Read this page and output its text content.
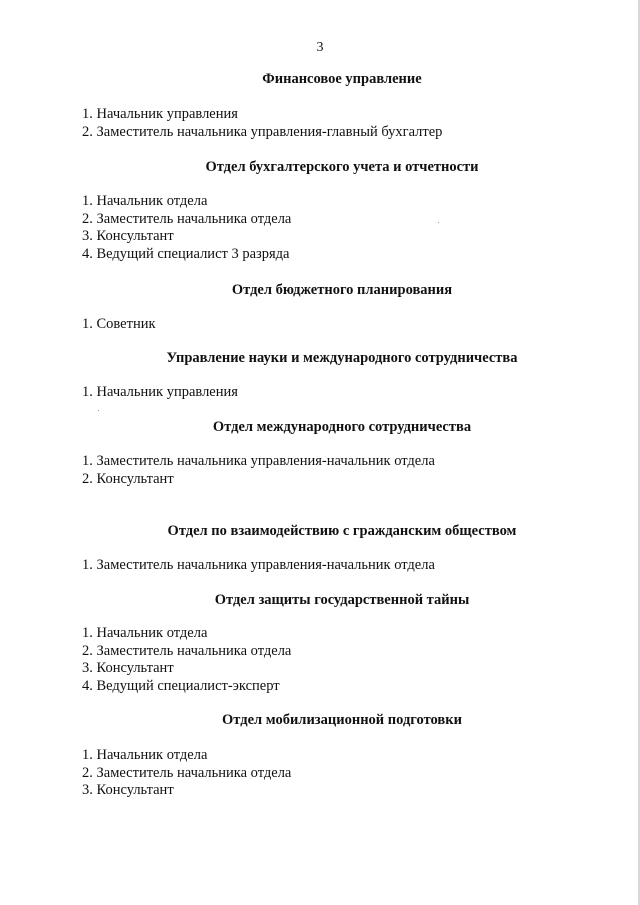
3
Финансовое управление
1. Начальник управления
2. Заместитель начальника управления-главный бухгалтер
Отдел бухгалтерского учета и отчетности
1. Начальник отдела
2. Заместитель начальника отдела
3. Консультант
4. Ведущий специалист 3 разряда
Отдел бюджетного планирования
1. Советник
Управление науки и международного сотрудничества
1. Начальник управления
Отдел международного сотрудничества
1. Заместитель начальника управления-начальник отдела
2. Консультант
Отдел по взаимодействию с гражданским обществом
1. Заместитель начальника управления-начальник отдела
Отдел защиты государственной тайны
1. Начальник отдела
2. Заместитель начальника отдела
3. Консультант
4. Ведущий специалист-эксперт
Отдел мобилизационной подготовки
1. Начальник отдела
2. Заместитель начальника отдела
3. Консультант
